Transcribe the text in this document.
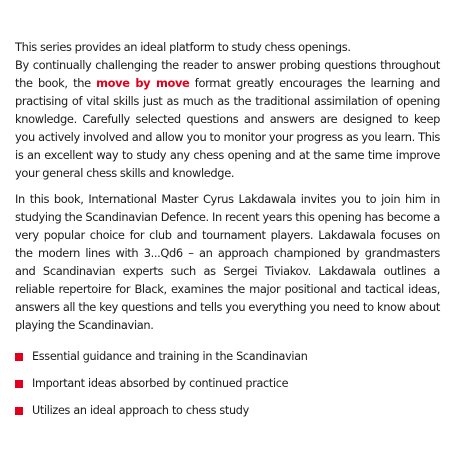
This series provides an ideal platform to study chess openings.
By continually challenging the reader to answer probing questions throughout the book, the move by move format greatly encourages the learning and practising of vital skills just as much as the traditional assimilation of opening knowledge. Carefully selected questions and answers are designed to keep you actively involved and allow you to monitor your progress as you learn. This is an excellent way to study any chess opening and at the same time improve your general chess skills and knowledge.

In this book, International Master Cyrus Lakdawala invites you to join him in studying the Scandinavian Defence. In recent years this opening has become a very popular choice for club and tournament players. Lakdawala focuses on the modern lines with 3...Qd6 – an approach championed by grandmasters and Scandinavian experts such as Sergei Tiviakov. Lakdawala outlines a reliable repertoire for Black, examines the major positional and tactical ideas, answers all the key questions and tells you everything you need to know about playing the Scandinavian.

Essential guidance and training in the Scandinavian
Important ideas absorbed by continued practice
Utilizes an ideal approach to chess study
